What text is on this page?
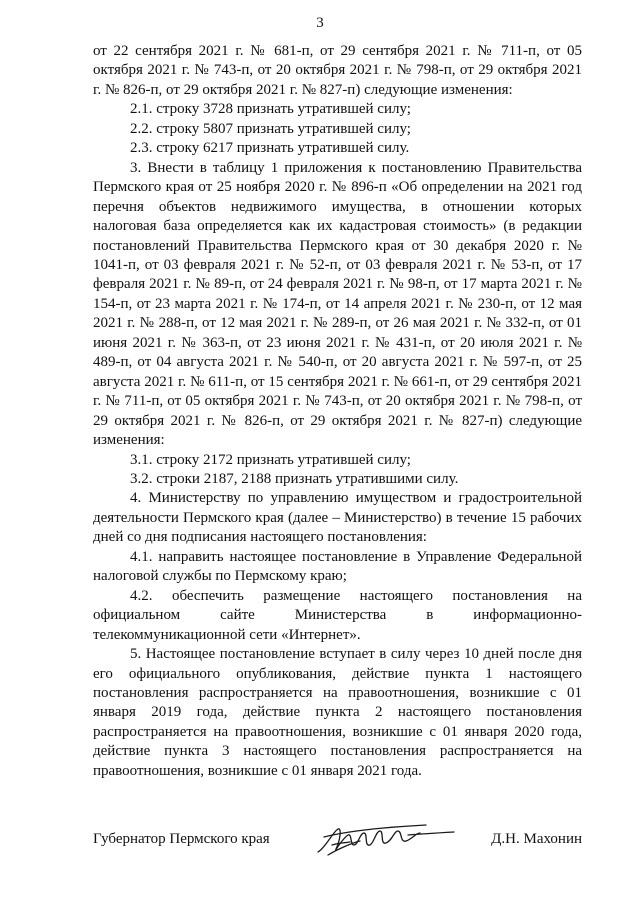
3

от 22 сентября 2021 г. № 681-п, от 29 сентября 2021 г. № 711-п, от 05 октября 2021 г. № 743-п, от 20 октября 2021 г. № 798-п, от 29 октября 2021 г. № 826-п, от 29 октября 2021 г. № 827-п) следующие изменения:

2.1. строку 3728 признать утратившей силу;

2.2. строку 5807 признать утратившей силу;

2.3. строку 6217 признать утратившей силу.

3. Внести в таблицу 1 приложения к постановлению Правительства Пермского края от 25 ноября 2020 г. № 896-п «Об определении на 2021 год перечня объектов недвижимого имущества, в отношении которых налоговая база определяется как их кадастровая стоимость» (в редакции постановлений Правительства Пермского края от 30 декабря 2020 г. № 1041-п, от 03 февраля 2021 г. № 52-п, от 03 февраля 2021 г. № 53-п, от 17 февраля 2021 г. № 89-п, от 24 февраля 2021 г. № 98-п, от 17 марта 2021 г. № 154-п, от 23 марта 2021 г. № 174-п, от 14 апреля 2021 г. № 230-п, от 12 мая 2021 г. № 288-п, от 12 мая 2021 г. № 289-п, от 26 мая 2021 г. № 332-п, от 01 июня 2021 г. № 363-п, от 23 июня 2021 г. № 431-п, от 20 июля 2021 г. № 489-п, от 04 августа 2021 г. № 540-п, от 20 августа 2021 г. № 597-п, от 25 августа 2021 г. № 611-п, от 15 сентября 2021 г. № 661-п, от 29 сентября 2021 г. № 711-п, от 05 октября 2021 г. № 743-п, от 20 октября 2021 г. № 798-п, от 29 октября 2021 г. № 826-п, от 29 октября 2021 г. № 827-п) следующие изменения:

3.1. строку 2172 признать утратившей силу;

3.2. строки 2187, 2188 признать утратившими силу.

4. Министерству по управлению имуществом и градостроительной деятельности Пермского края (далее – Министерство) в течение 15 рабочих дней со дня подписания настоящего постановления:

4.1. направить настоящее постановление в Управление Федеральной налоговой службы по Пермскому краю;

4.2. обеспечить размещение настоящего постановления на официальном сайте Министерства в информационно-телекоммуникационной сети «Интернет».

5. Настоящее постановление вступает в силу через 10 дней после дня его официального опубликования, действие пункта 1 настоящего постановления распространяется на правоотношения, возникшие с 01 января 2019 года, действие пункта 2 настоящего постановления распространяется на правоотношения, возникшие с 01 января 2020 года, действие пункта 3 настоящего постановления распространяется на правоотношения, возникшие с 01 января 2021 года.

Губернатор Пермского края	Д.Н. Махонин
